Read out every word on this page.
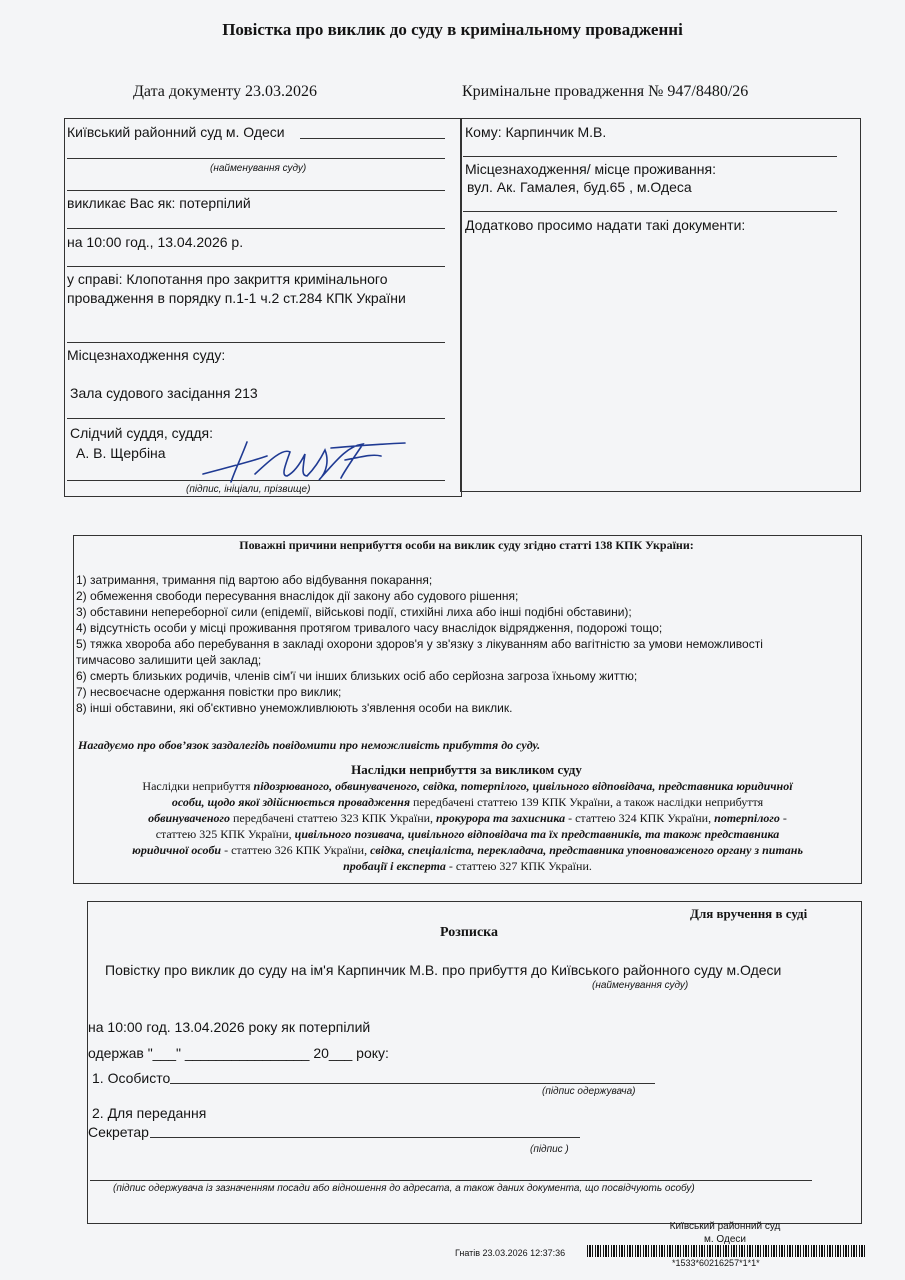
Повістка про виклик до суду в кримінальному провадженні
Дата документу 23.03.2026	Кримінальне провадження № 947/8480/26
Київський районний суд м. Одеси
(найменування суду)
викликає Вас як: потерпілий
на 10:00 год., 13.04.2026 р.
у справі: Клопотання про закриття кримінального провадження в порядку п.1-1 ч.2 ст.284 КПК України
Місцезнаходження суду:
Зала судового засідання 213
Слідчий суддя, суддя:
А. В. Щербіна
(підпис, ініціали, прізвище)
Кому: Карпинчик М.В.
Місцезнаходження/ місце проживання:
вул. Ак. Гамалея, буд.65 , м.Одеса
Додатково просимо надати такі документи:
Поважні причини неприбуття особи на виклик суду згідно статті 138 КПК України:
1) затримання, тримання під вартою або відбування покарання;
2) обмеження свободи пересування внаслідок дії закону або судового рішення;
3) обставини непереборної сили (епідемії, військові події, стихійні лиха або інші подібні обставини);
4) відсутність особи у місці проживання протягом тривалого часу внаслідок відрядження, подорожі тощо;
5) тяжка хвороба або перебування в закладі охорони здоров'я у зв'язку з лікуванням або вагітністю за умови неможливості
тимчасово залишити цей заклад;
6) смерть близьких родичів, членів сім'ї чи інших близьких осіб або серйозна загроза їхньому життю;
7) несвоєчасне одержання повістки про виклик;
8) інші обставини, які об'єктивно унеможливлюють з'явлення особи на виклик.
Нагадуємо про обов’язок заздалегідь повідомити про неможливість прибуття до суду.
Наслідки неприбуття за викликом суду
Наслідки неприбуття підозрюваного, обвинуваченого, свідка, потерпілого, цивільного відповідача, представника юридичної
особи, щодо якої здійснюється провадження передбачені статтею 139 КПК України, а також наслідки неприбуття
обвинуваченого передбачені статтею 323 КПК України, прокурора та захисника - статтею 324 КПК України, потерпілого -
статтею 325 КПК України, цивільного позивача, цивільного відповідача та їх представників, та також представника
юридичної особи - статтею 326 КПК України, свідка, спеціаліста, перекладача, представника уповноваженого органу з питань
пробації і експерта - статтею 327 КПК України.
Для вручення в суді
Розписка
Повістку про виклик до суду на ім'я Карпинчик М.В. про прибуття до Київського районного суду м.Одеси
(найменування суду)
на 10:00 год. 13.04.2026 року як потерпілий
одержав "___" ________________ 20___ року:
1. Особисто
(підпис одержувача)
2. Для передання
Секретар
(підпис )
(підпис одержувача із зазначенням посади або відношення до адресата, а також даних документа, що посвідчують особу)
Київський районний суд
м. Одеси
Гнатів 23.03.2026 12:37:36
*1533*60216257*1*1*
